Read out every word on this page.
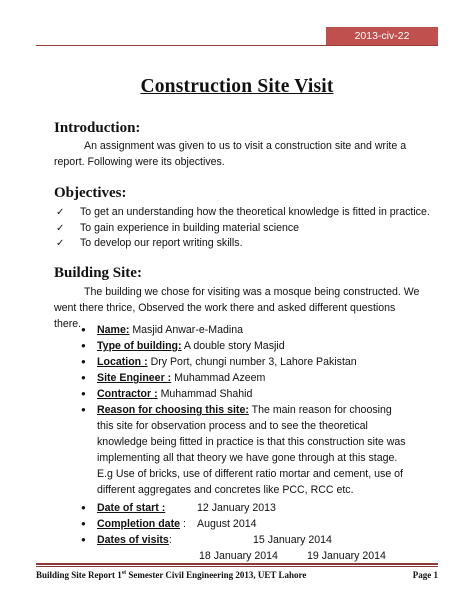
2013-civ-22
Construction Site Visit
Introduction:
An assignment was given to us to visit a construction site and write a report. Following were its objectives.
Objectives:
✓ To get an understanding how the theoretical knowledge is fitted in practice.
✓ To gain experience in building material science
✓ To develop our report writing skills.
Building Site:
The building we chose for visiting was a mosque being constructed. We went there thrice, Observed the work there and asked different questions there. ● Name: Masjid Anwar-e-Madina
● Type of building: A double story Masjid
● Location : Dry Port, chungi number 3, Lahore Pakistan
● Site Engineer : Muhammad Azeem
● Contractor : Muhammad Shahid
● Reason for choosing this site: The main reason for choosing this site for observation process and to see the theoretical knowledge being fitted in practice is that this construction site was implementing all that theory we have gone through at this stage. E.g Use of bricks, use of different ratio mortar and cement, use of different aggregates and concretes like PCC, RCC etc.
● Date of start :	12 January 2013
● Completion date : August 2014
● Dates of visits:	15 January 2014
18 January 2014	19 January 2014
Building Site Report 1st Semester Civil Engineering 2013, UET Lahore	Page 1
